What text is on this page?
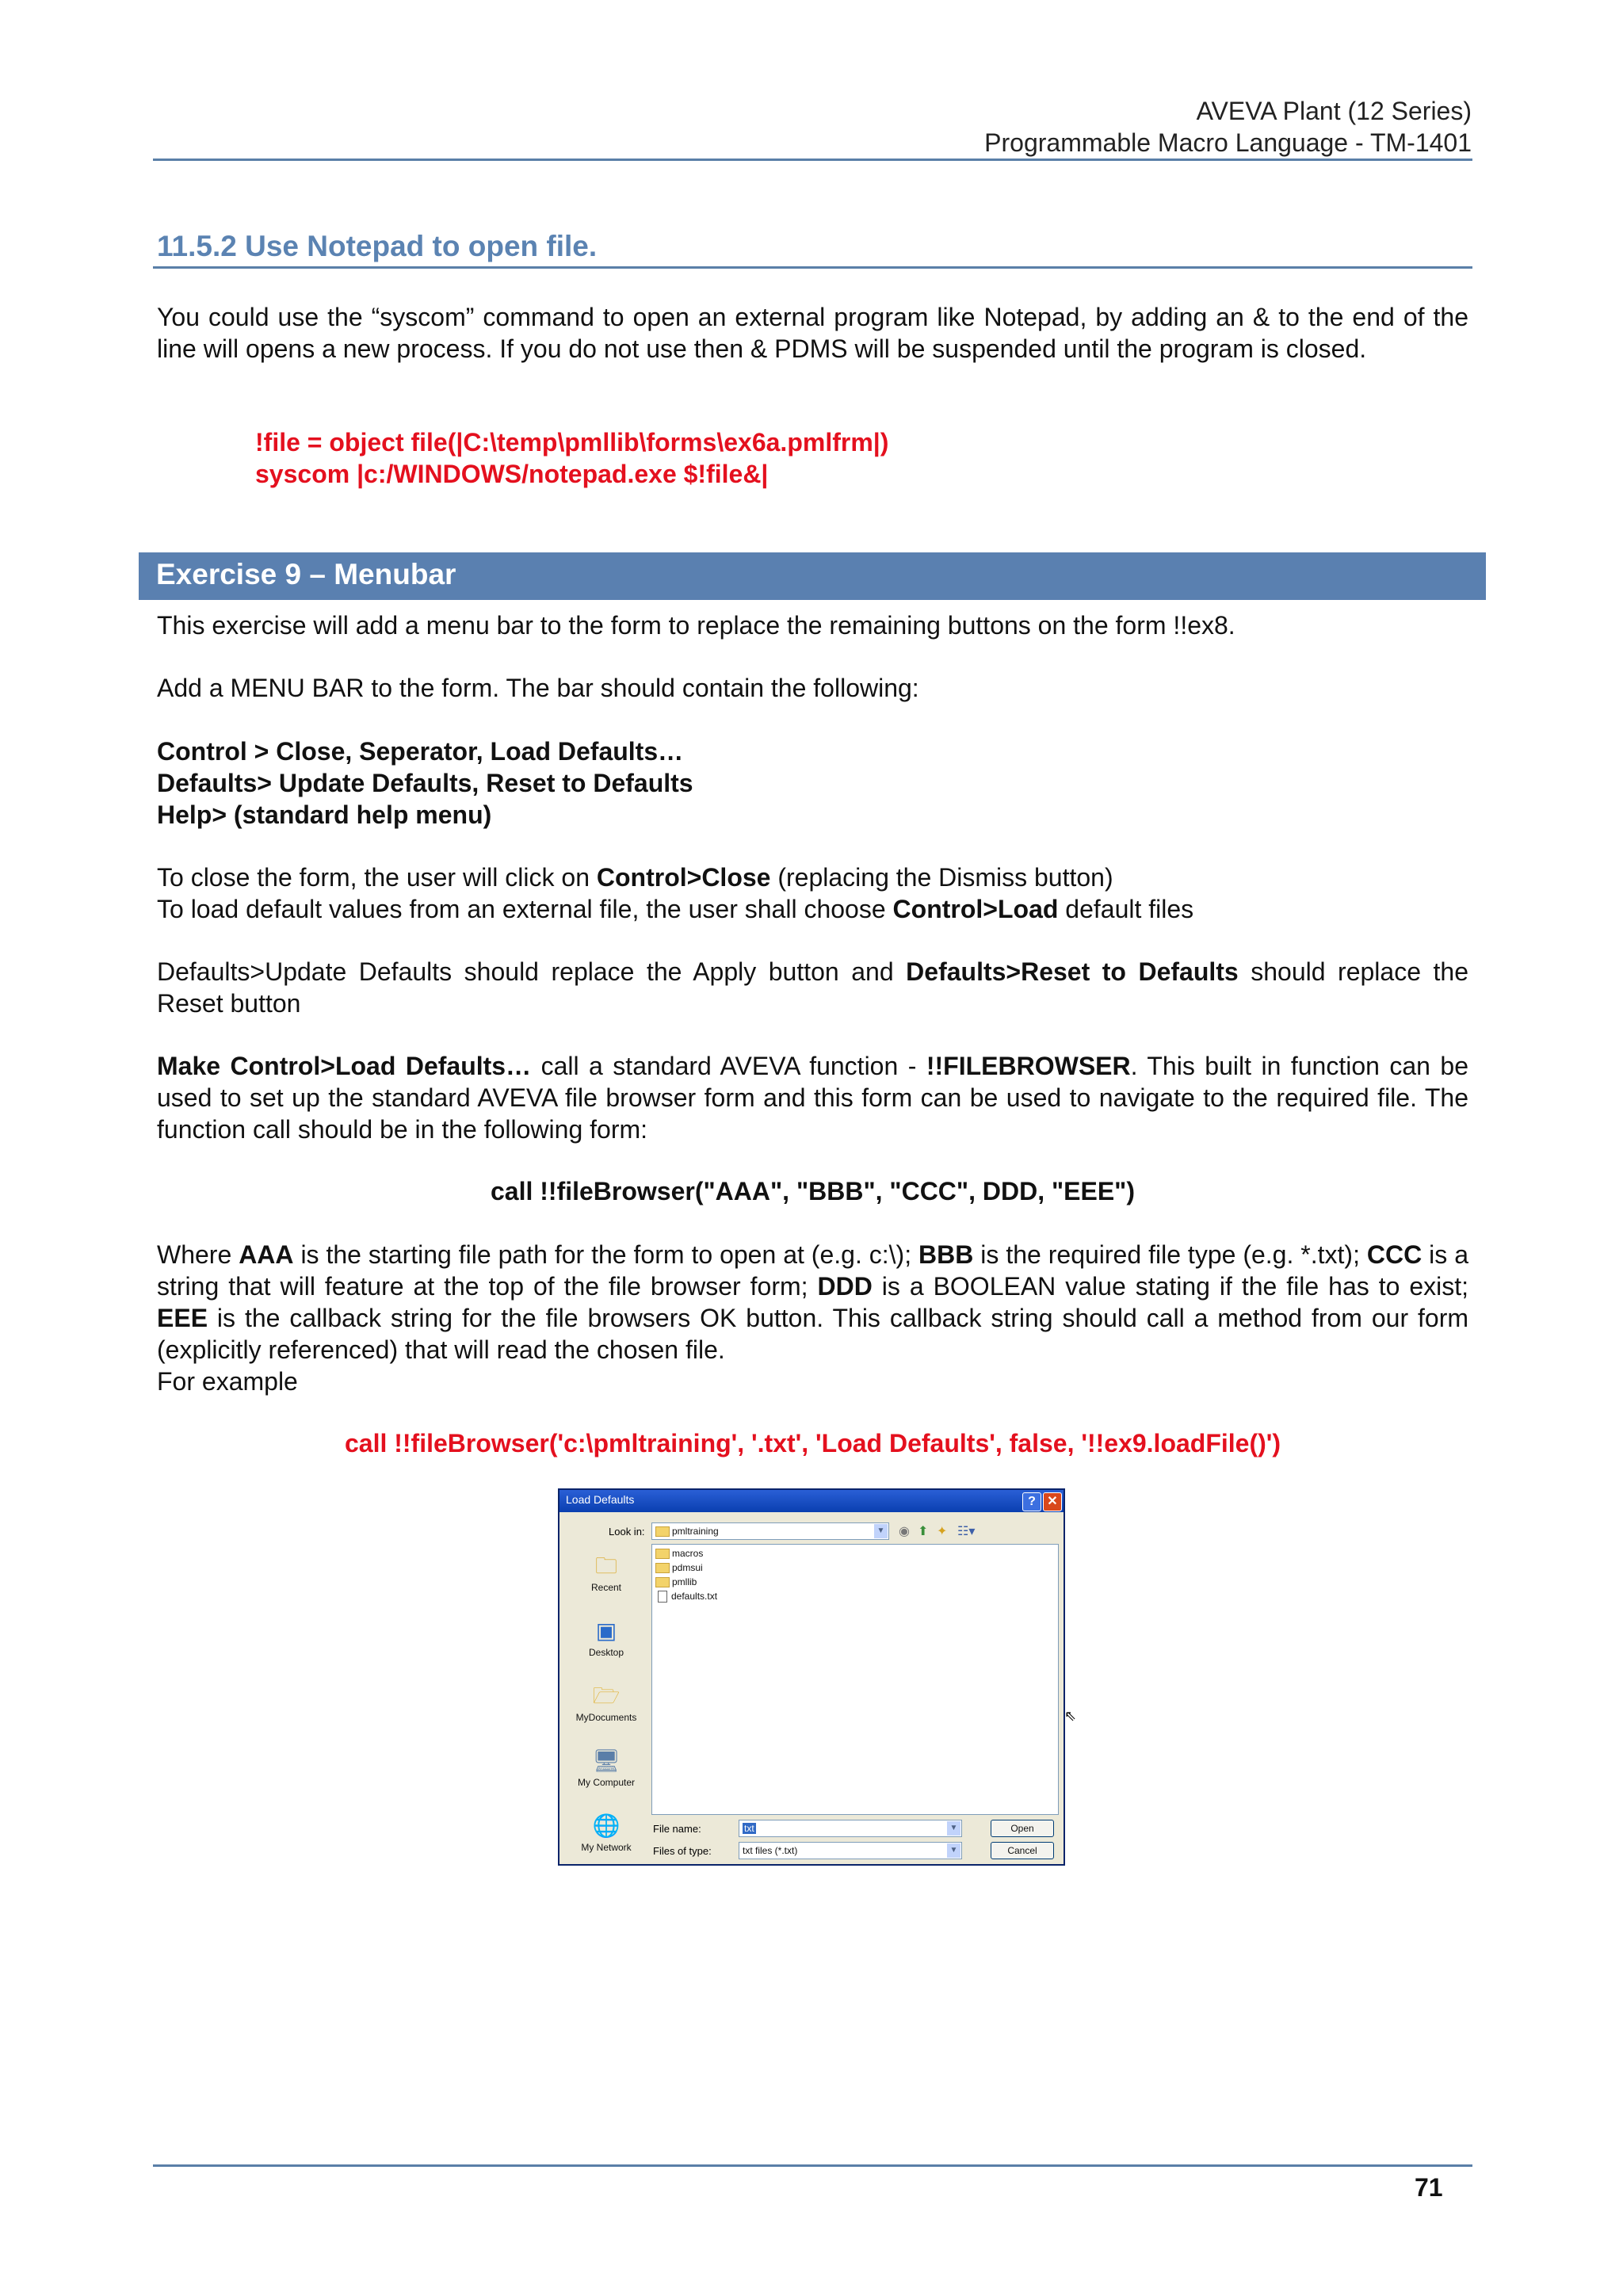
AVEVA Plant (12 Series)
Programmable Macro Language - TM-1401
11.5.2 Use Notepad to open file.
You could use the “syscom” command to open an external program like Notepad, by adding an & to the end of the line will opens a new process. If you do not use then & PDMS will be suspended until the program is closed.
!file = object file(|C:\temp\pmllib\forms\ex6a.pmlfrm|)
syscom |c:/WINDOWS/notepad.exe $!file&|
Exercise 9 – Menubar
This exercise will add a menu bar to the form to replace the remaining buttons on the form !!ex8.
Add a MENU BAR to the form. The bar should contain the following:
Control > Close, Seperator, Load Defaults…
Defaults> Update Defaults, Reset to Defaults
Help> (standard help menu)
To close the form, the user will click on Control>Close (replacing the Dismiss button)
To load default values from an external file, the user shall choose Control>Load default files
Defaults>Update Defaults should replace the Apply button and Defaults>Reset to Defaults should replace the Reset button
Make Control>Load Defaults… call a standard AVEVA function - !!FILEBROWSER. This built in function can be used to set up the standard AVEVA file browser form and this form can be used to navigate to the required file. The function call should be in the following form:
call !!fileBrowser("AAA", "BBB", "CCC", DDD, "EEE")
Where AAA is the starting file path for the form to open at (e.g. c:\); BBB is the required file type (e.g. *.txt); CCC is a string that will feature at the top of the file browser form; DDD is a BOOLEAN value stating if the file has to exist; EEE is the callback string for the file browsers OK button. This callback string should call a method from our form (explicitly referenced) that will read the chosen file.
For example
call !!fileBrowser('c:\pmltraining', '.txt', 'Load Defaults', false, '!!ex9.loadFile()')
Load Defaults	? ✕
Look in:	pmltraining	▼ ◉ ⬆ ✦ ☷▾
🗀
Recent
▣
Desktop
🗁
MyDocuments
🖥
My Computer
🌐
My Network
macros
pdmsui
pmllib
defaults.txt
⇖
File name:	txt	▼	Open
Files of type:	txt files (*.txt)	▼	Cancel
71
